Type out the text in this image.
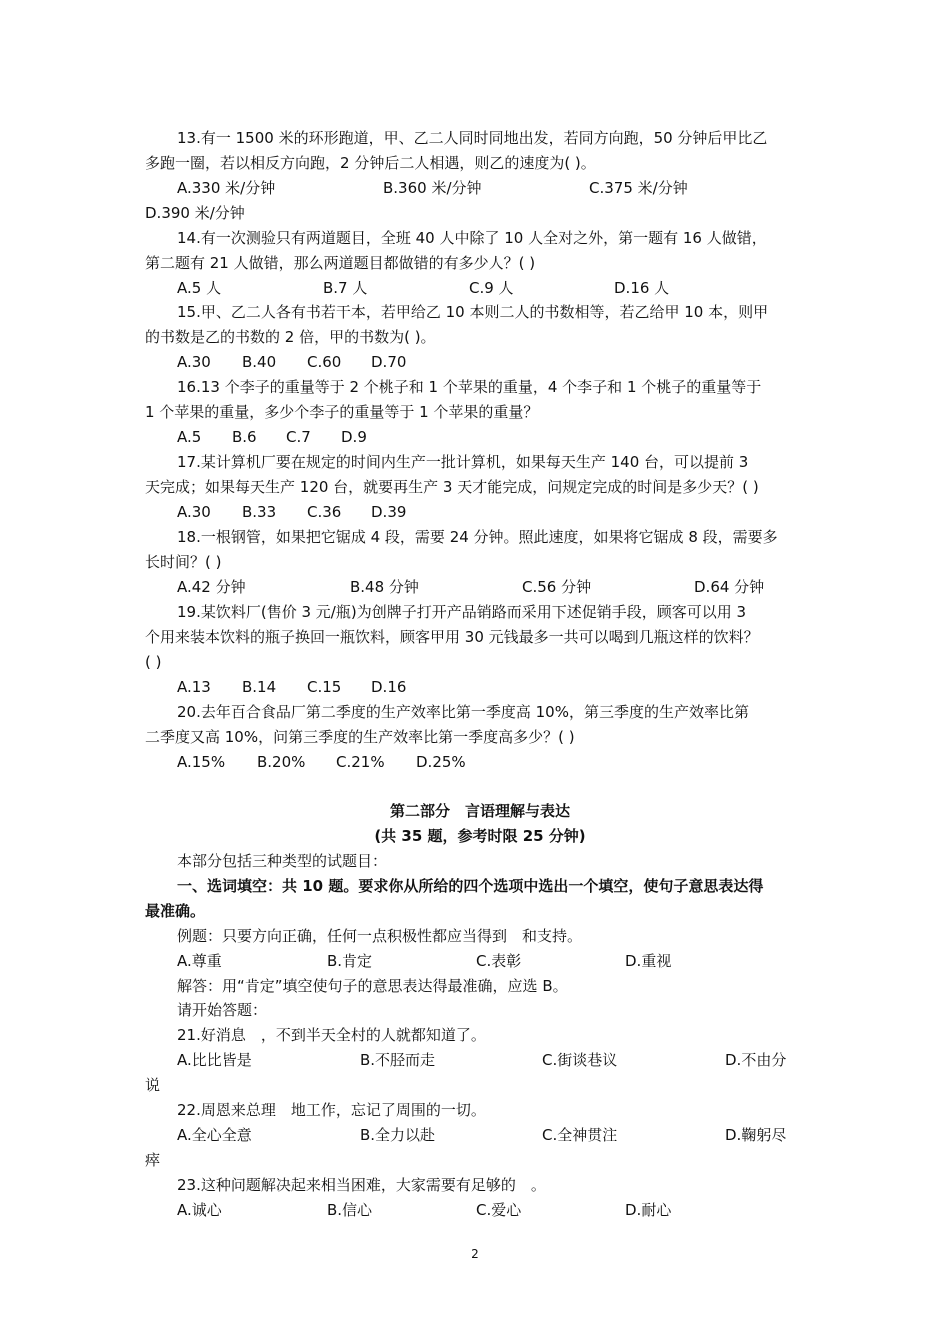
13.有一 1500 米的环形跑道，甲、乙二人同时同地出发，若同方向跑，50 分钟后甲比乙
多跑一圈，若以相反方向跑，2 分钟后二人相遇，则乙的速度为( )。
A.330 米/分钟	B.360 米/分钟	C.375 米/分钟
D.390 米/分钟
14.有一次测验只有两道题目，全班 40 人中除了 10 人全对之外，第一题有 16 人做错，
第二题有 21 人做错，那么两道题目都做错的有多少人？( )
A.5 人	B.7 人	C.9 人	D.16 人
15.甲、乙二人各有书若干本，若甲给乙 10 本则二人的书数相等，若乙给甲 10 本，则甲
的书数是乙的书数的 2 倍，甲的书数为( )。
A.30 B.40 C.60 D.70
16.13 个李子的重量等于 2 个桃子和 1 个苹果的重量，4 个李子和 1 个桃子的重量等于
1 个苹果的重量，多少个李子的重量等于 1 个苹果的重量？
A.5 B.6 C.7 D.9
17.某计算机厂要在规定的时间内生产一批计算机，如果每天生产 140 台，可以提前 3
天完成；如果每天生产 120 台，就要再生产 3 天才能完成，问规定完成的时间是多少天？( )
A.30 B.33 C.36 D.39
18.一根钢管，如果把它锯成 4 段，需要 24 分钟。照此速度，如果将它锯成 8 段，需要多
长时间？( )
A.42 分钟	B.48 分钟	C.56 分钟	D.64 分钟
19.某饮料厂(售价 3 元/瓶)为创牌子打开产品销路而采用下述促销手段，顾客可以用 3
个用来装本饮料的瓶子换回一瓶饮料，顾客甲用 30 元钱最多一共可以喝到几瓶这样的饮料？
( )
A.13 B.14 C.15 D.16
20.去年百合食品厂第二季度的生产效率比第一季度高 10%，第三季度的生产效率比第
二季度又高 10%，问第三季度的生产效率比第一季度高多少？( )
A.15% B.20% C.21% D.25%
第二部分　言语理解与表达
(共 35 题，参考时限 25 分钟)
本部分包括三种类型的试题目：
一、选词填空：共 10 题。要求你从所给的四个选项中选出一个填空，使句子意思表达得
最准确。
例题：只要方向正确，任何一点积极性都应当得到　和支持。
A.尊重	B.肯定	C.表彰	D.重视
解答：用“肯定”填空使句子的意思表达得最准确，应选 B。
请开始答题：
21.好消息　，不到半天全村的人就都知道了。
A.比比皆是	B.不胫而走	C.街谈巷议	D.不由分
说
22.周恩来总理　地工作，忘记了周围的一切。
A.全心全意	B.全力以赴	C.全神贯注	D.鞠躬尽
瘁
23.这种问题解决起来相当困难，大家需要有足够的　。
A.诚心	B.信心	C.爱心	D.耐心
2
